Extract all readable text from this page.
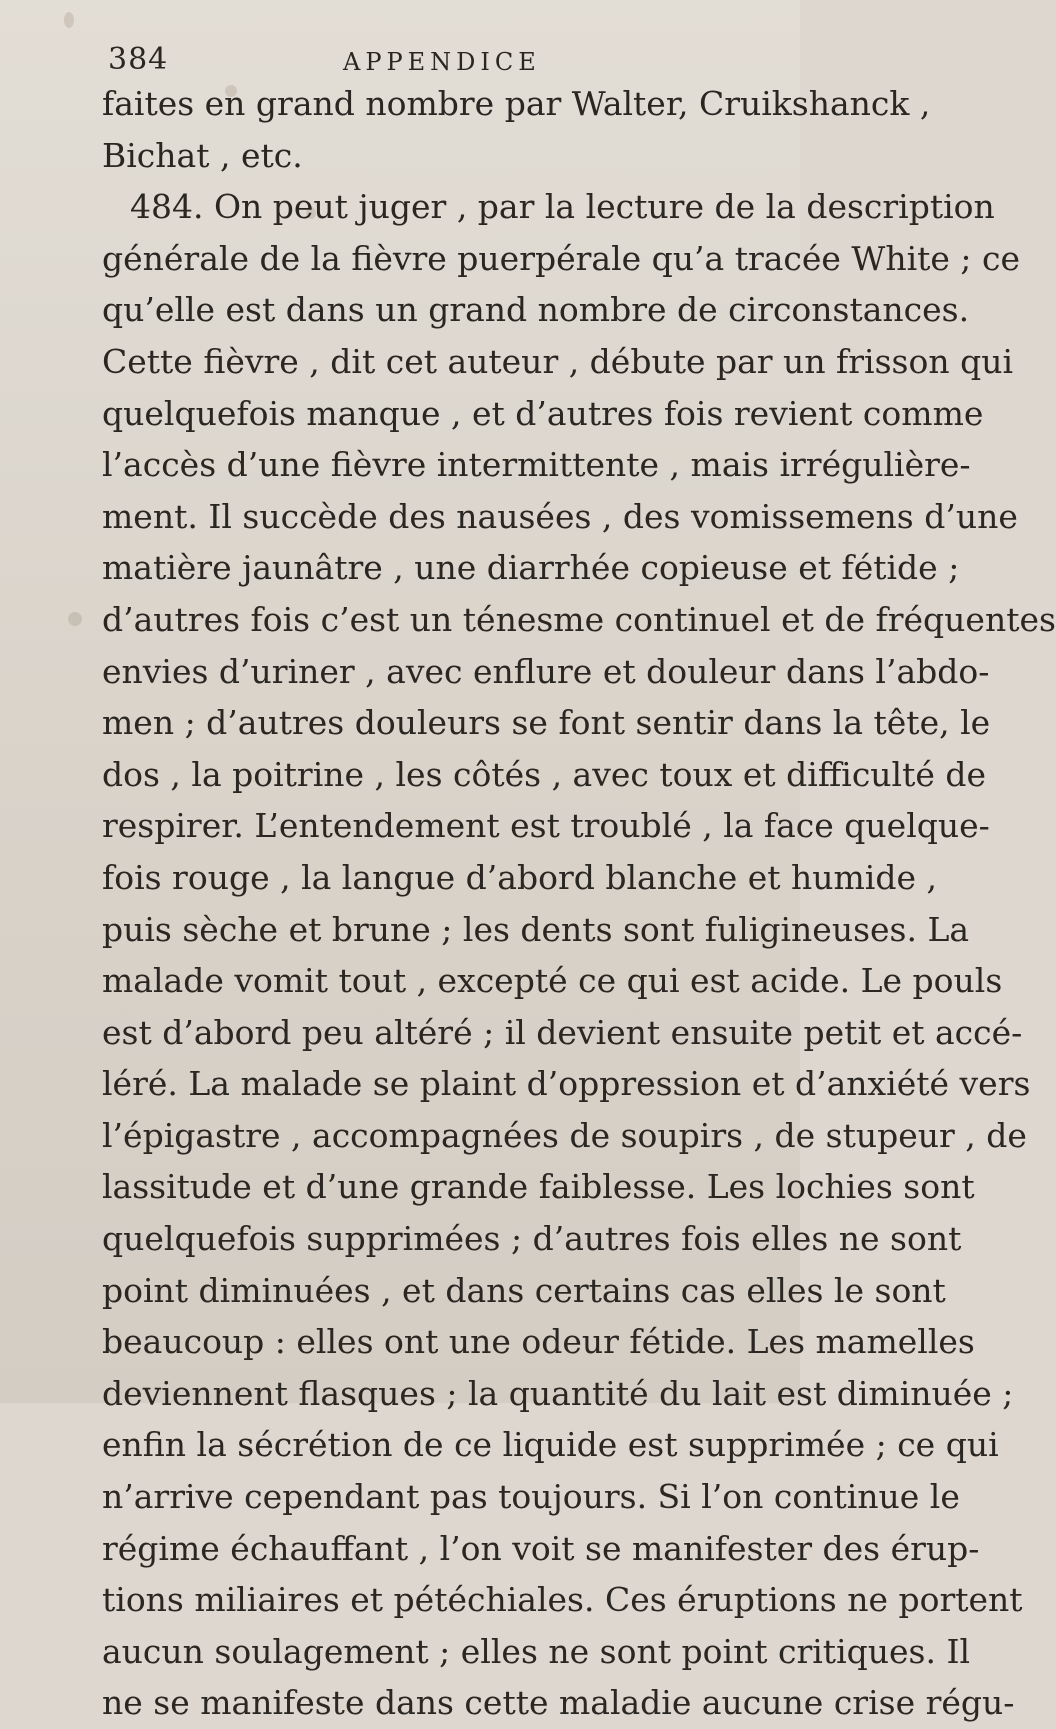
384	APPENDICE
faites en grand nombre par Walter, Cruikshanck ,
Bichat , etc.
484. On peut juger , par la lecture de la description
générale de la fièvre puerpérale qu’a tracée White ; ce
qu’elle est dans un grand nombre de circonstances.
Cette fièvre , dit cet auteur , débute par un frisson qui
quelquefois manque , et d’autres fois revient comme
l’accès d’une fièvre intermittente , mais irrégulière-
ment. Il succède des nausées , des vomissemens d’une
matière jaunâtre , une diarrhée copieuse et fétide ;
d’autres fois c’est un ténesme continuel et de fréquentes
envies d’uriner , avec enflure et douleur dans l’abdo-
men ; d’autres douleurs se font sentir dans la tête, le
dos , la poitrine , les côtés , avec toux et difficulté de
respirer. L’entendement est troublé , la face quelque-
fois rouge , la langue d’abord blanche et humide ,
puis sèche et brune ; les dents sont fuligineuses. La
malade vomit tout , excepté ce qui est acide. Le pouls
est d’abord peu altéré ; il devient ensuite petit et accé-
léré. La malade se plaint d’oppression et d’anxiété vers
l’épigastre , accompagnées de soupirs , de stupeur , de
lassitude et d’une grande faiblesse. Les lochies sont
quelquefois supprimées ; d’autres fois elles ne sont
point diminuées , et dans certains cas elles le sont
beaucoup : elles ont une odeur fétide. Les mamelles
deviennent flasques ; la quantité du lait est diminuée ;
enfin la sécrétion de ce liquide est supprimée ; ce qui
n’arrive cependant pas toujours. Si l’on continue le
régime échauffant , l’on voit se manifester des érup-
tions miliaires et pétéchiales. Ces éruptions ne portent
aucun soulagement ; elles ne sont point critiques. Il
ne se manifeste dans cette maladie aucune crise régu-
